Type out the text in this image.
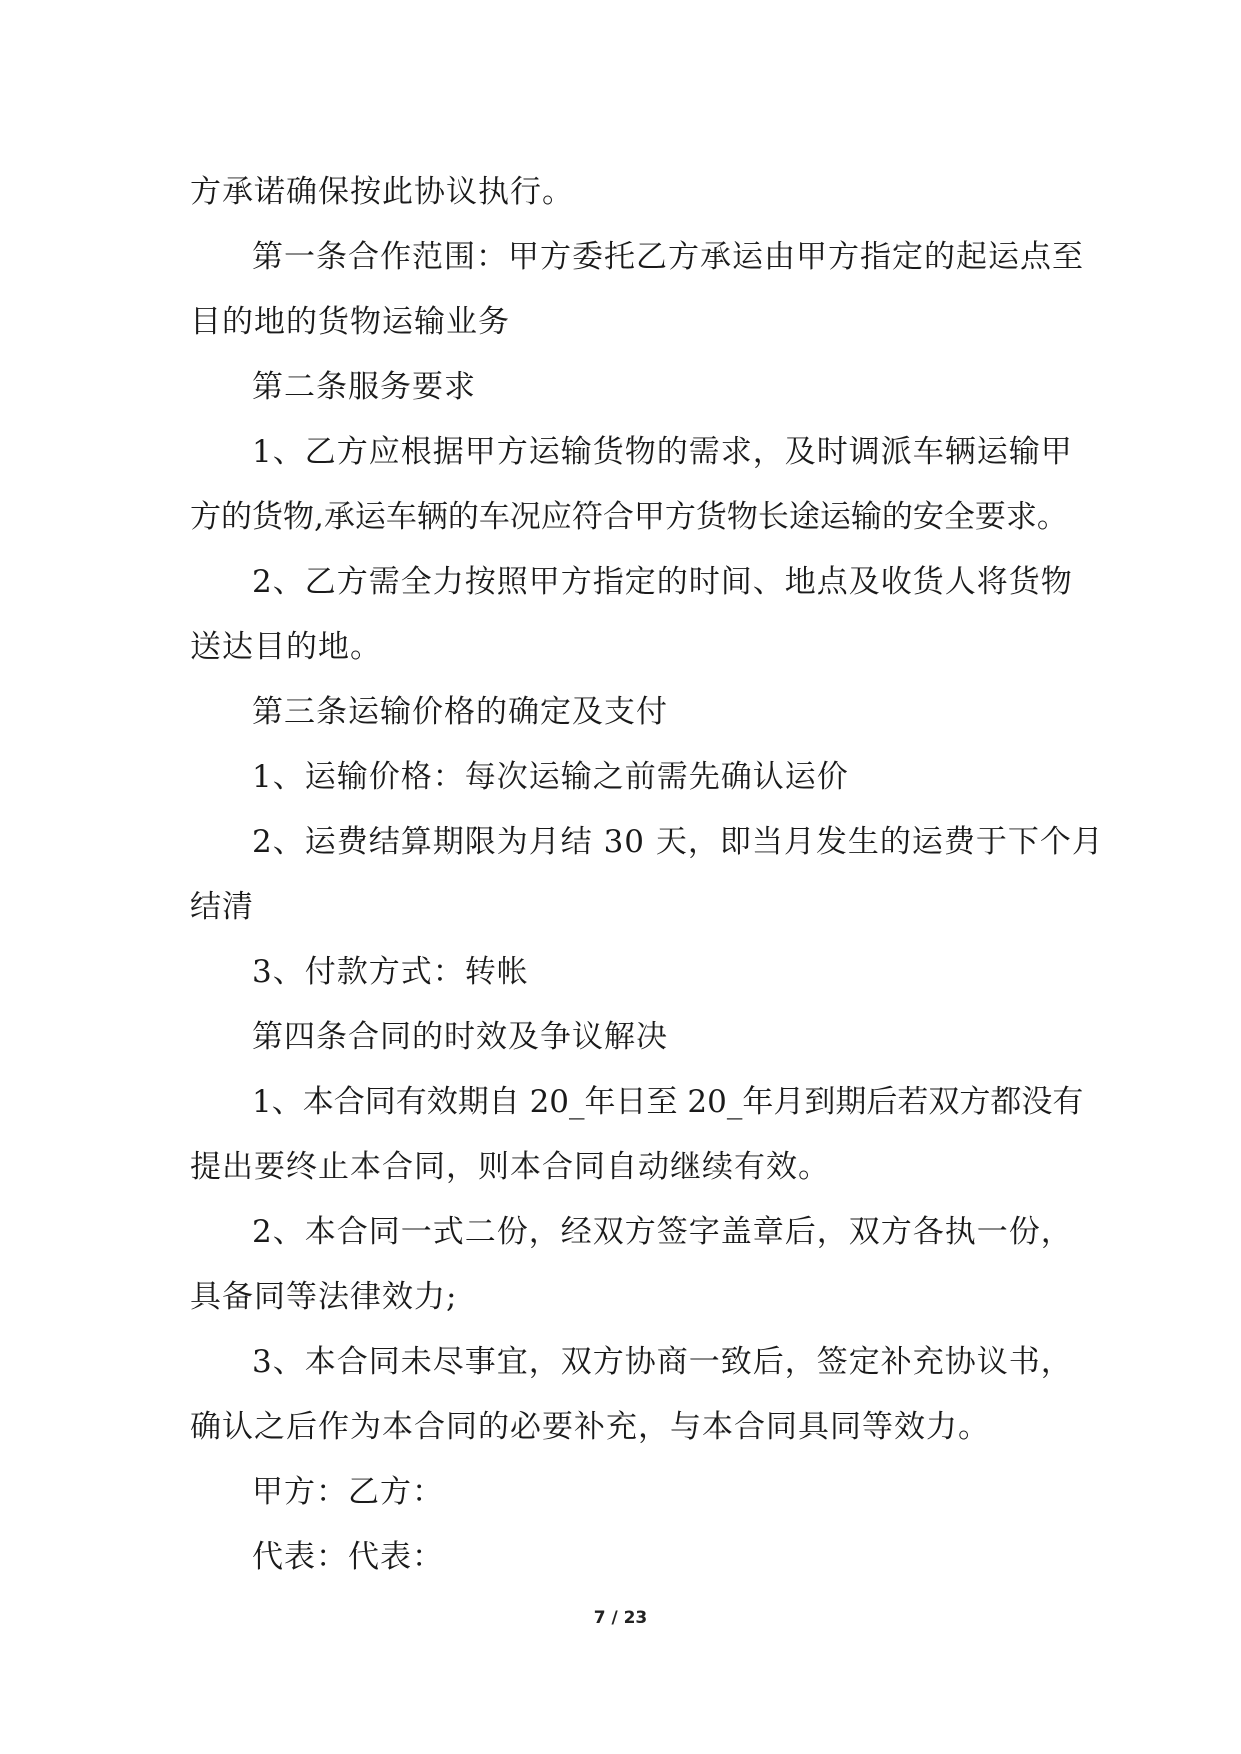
方承诺确保按此协议执行。
第一条合作范围：甲方委托乙方承运由甲方指定的起运点至
目的地的货物运输业务
第二条服务要求
1、乙方应根据甲方运输货物的需求，及时调派车辆运输甲
方的货物,承运车辆的车况应符合甲方货物长途运输的安全要求。
2、乙方需全力按照甲方指定的时间、地点及收货人将货物
送达目的地。
第三条运输价格的确定及支付
1、运输价格：每次运输之前需先确认运价
2、运费结算期限为月结 30 天，即当月发生的运费于下个月
结清
3、付款方式：转帐
第四条合同的时效及争议解决
1、本合同有效期自 20_年日至 20_年月到期后若双方都没有
提出要终止本合同，则本合同自动继续有效。
2、本合同一式二份，经双方签字盖章后，双方各执一份，
具备同等法律效力;
3、本合同未尽事宜，双方协商一致后，签定补充协议书，
确认之后作为本合同的必要补充，与本合同具同等效力。
甲方：乙方：
代表：代表：
7 / 23
